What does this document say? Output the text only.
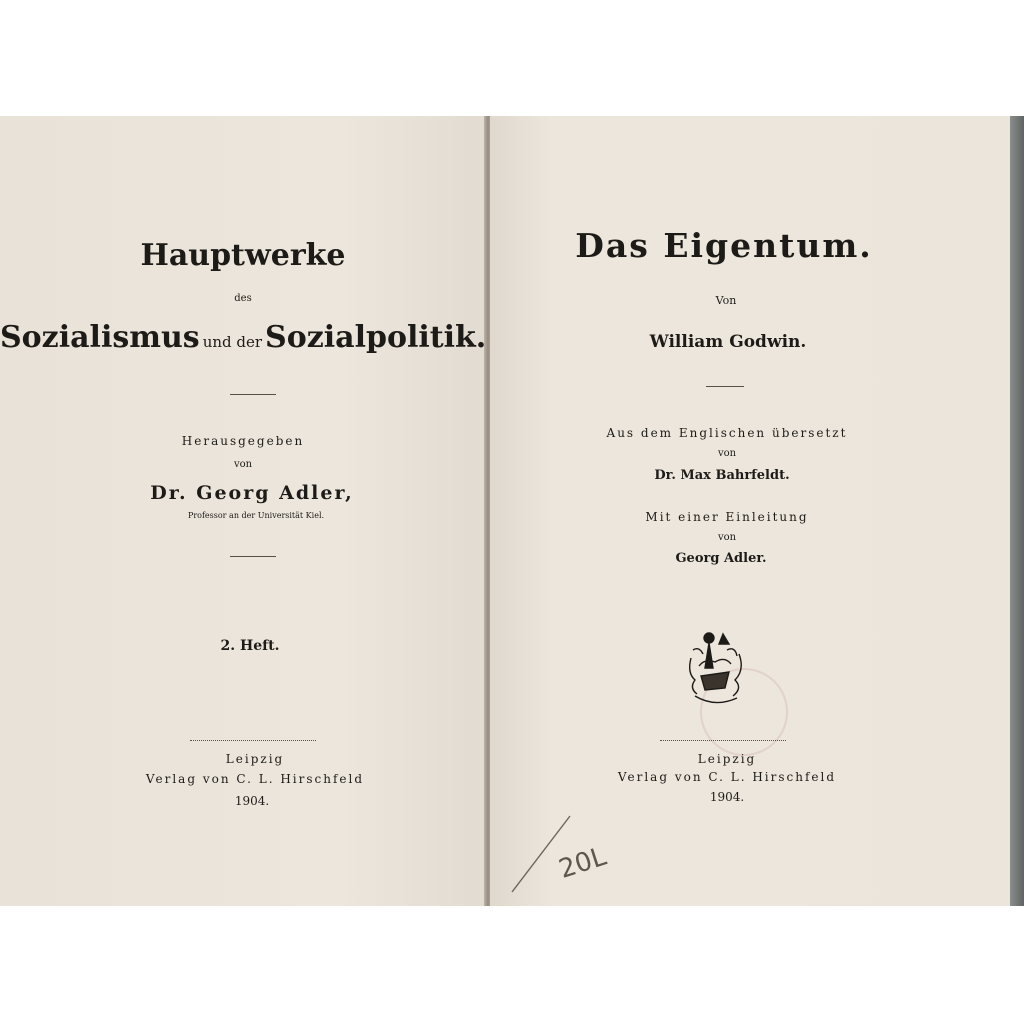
Hauptwerke
des
Sozialismus und der Sozialpolitik.
Herausgegeben
von
Dr. Georg Adler,
Professor an der Universität Kiel.
2. Heft.
Leipzig
Verlag von C. L. Hirschfeld
1904.
Das Eigentum.
Von
William Godwin.
Aus dem Englischen übersetzt
von
Dr. Max Bahrfeldt.
Mit einer Einleitung
von
Georg Adler.
Leipzig
Verlag von C. L. Hirschfeld
1904.
20L
